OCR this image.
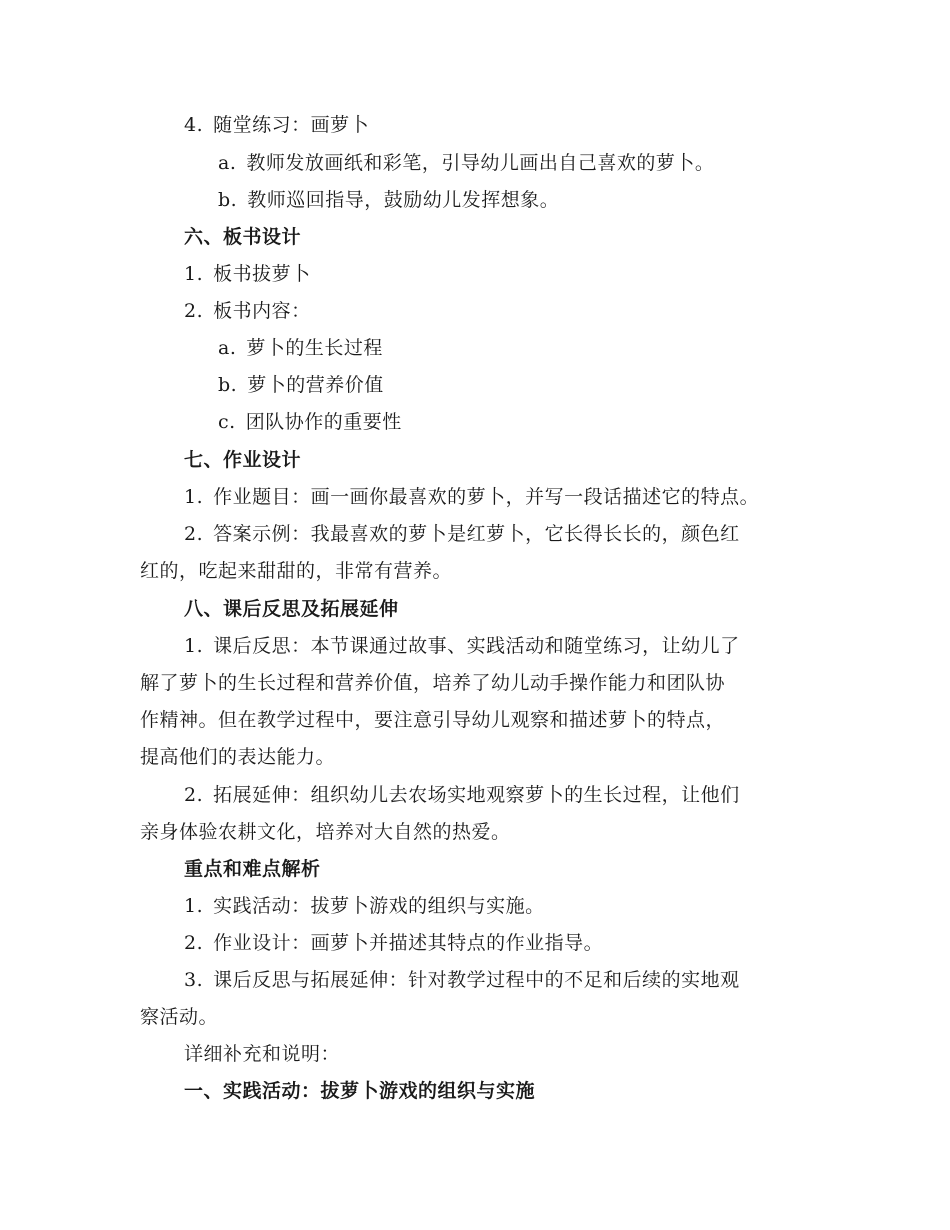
4. 随堂练习：画萝卜
a. 教师发放画纸和彩笔，引导幼儿画出自己喜欢的萝卜。
b. 教师巡回指导，鼓励幼儿发挥想象。
六、板书设计
1. 板书拔萝卜
2. 板书内容：
a. 萝卜的生长过程
b. 萝卜的营养价值
c. 团队协作的重要性
七、作业设计
1. 作业题目：画一画你最喜欢的萝卜，并写一段话描述它的特点。
2. 答案示例：我最喜欢的萝卜是红萝卜，它长得长长的，颜色红
红的，吃起来甜甜的，非常有营养。
八、课后反思及拓展延伸
1. 课后反思：本节课通过故事、实践活动和随堂练习，让幼儿了
解了萝卜的生长过程和营养价值，培养了幼儿动手操作能力和团队协
作精神。但在教学过程中，要注意引导幼儿观察和描述萝卜的特点，
提高他们的表达能力。
2. 拓展延伸：组织幼儿去农场实地观察萝卜的生长过程，让他们
亲身体验农耕文化，培养对大自然的热爱。
重点和难点解析
1. 实践活动：拔萝卜游戏的组织与实施。
2. 作业设计：画萝卜并描述其特点的作业指导。
3. 课后反思与拓展延伸：针对教学过程中的不足和后续的实地观
察活动。
详细补充和说明：
一、实践活动：拔萝卜游戏的组织与实施
